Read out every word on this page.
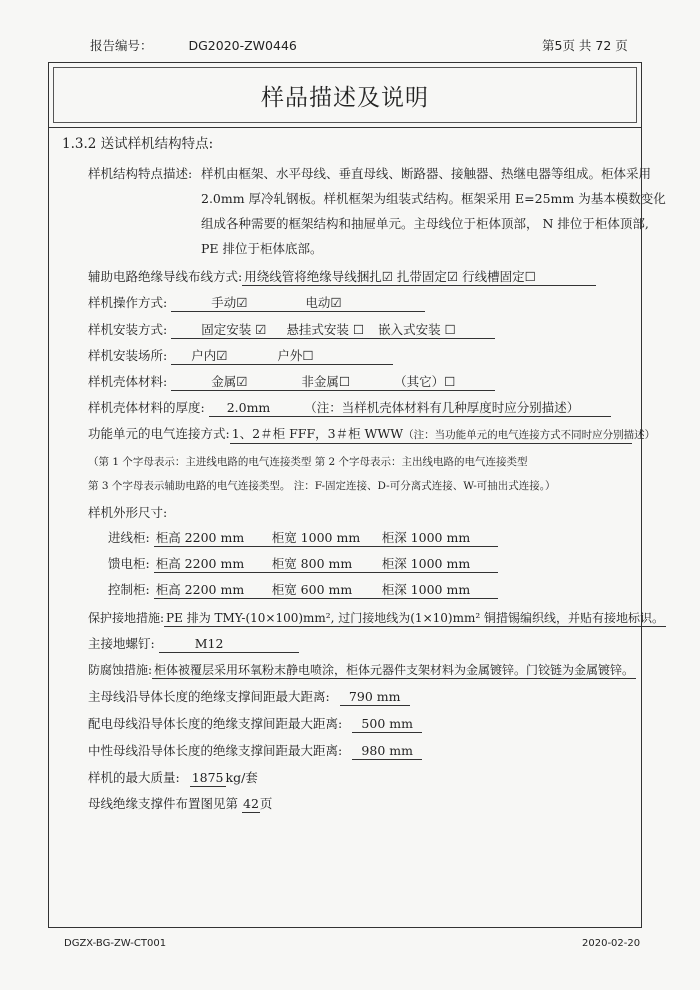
报告编号：	DG2020-ZW0446	第5页 共 72 页
样品描述及说明
1.3.2 送试样机结构特点:
样机结构特点描述: 样机由框架、水平母线、垂直母线、断路器、接触器、热继电器等组成。柜体采用
2.0mm 厚冷轧钢板。样机框架为组装式结构。框架采用 E=25mm 为基本模数变化
组成各种需要的框架结构和抽屉单元。主母线位于柜体顶部， N 排位于柜体顶部,
PE 排位于柜体底部。
辅助电路绝缘导线布线方式: 用绕线管将绝缘导线捆扎☑ 扎带固定☑ 行线槽固定☐
样机操作方式:	手动☑	电动☑
样机安装方式:	固定安装 ☑ 悬挂式安装 ☐ 嵌入式安装 ☐
样机安装场所: 户内☑	户外☐
样机壳体材料:	金属☑	非金属☐	（其它）☐
样机壳体材料的厚度: 2.0mm	（注：当样机壳体材料有几种厚度时应分别描述）
功能单元的电气连接方式: 1、2＃柜 FFF，3＃柜 WWW（注：当功能单元的电气连接方式不同时应分别描述）
（第 1 个字母表示：主进线电路的电气连接类型 第 2 个字母表示：主出线电路的电气连接类型
第 3 个字母表示辅助电路的电气连接类型。 注：F-固定连接、D-可分离式连接、W-可抽出式连接。）
样机外形尺寸:
进线柜: 柜高 2200 mm 柜宽 1000 mm 柜深 1000 mm
馈电柜: 柜高 2200 mm 柜宽 800 mm 柜深 1000 mm
控制柜: 柜高 2200 mm 柜宽 600 mm 柜深 1000 mm
保护接地措施: PE 排为 TMY-(10×100)mm², 过门接地线为(1×10)mm² 铜措锡编织线，并贴有接地标识。
主接地螺钉:	M12
防腐蚀措施: 柜体被覆层采用环氧粉末静电喷涂，柜体元器件支架材料为金属镀锌。门铰链为金属镀锌。
主母线沿导体长度的绝缘支撑间距最大距离: 790 mm
配电母线沿导体长度的绝缘支撑间距最大距离: 500 mm
中性母线沿导体长度的绝缘支撑间距最大距离: 980 mm
样机的最大质量: 1875 kg/套
母线绝缘支撑件布置图见第 42页
DGZX-BG-ZW-CT001	2020-02-20
